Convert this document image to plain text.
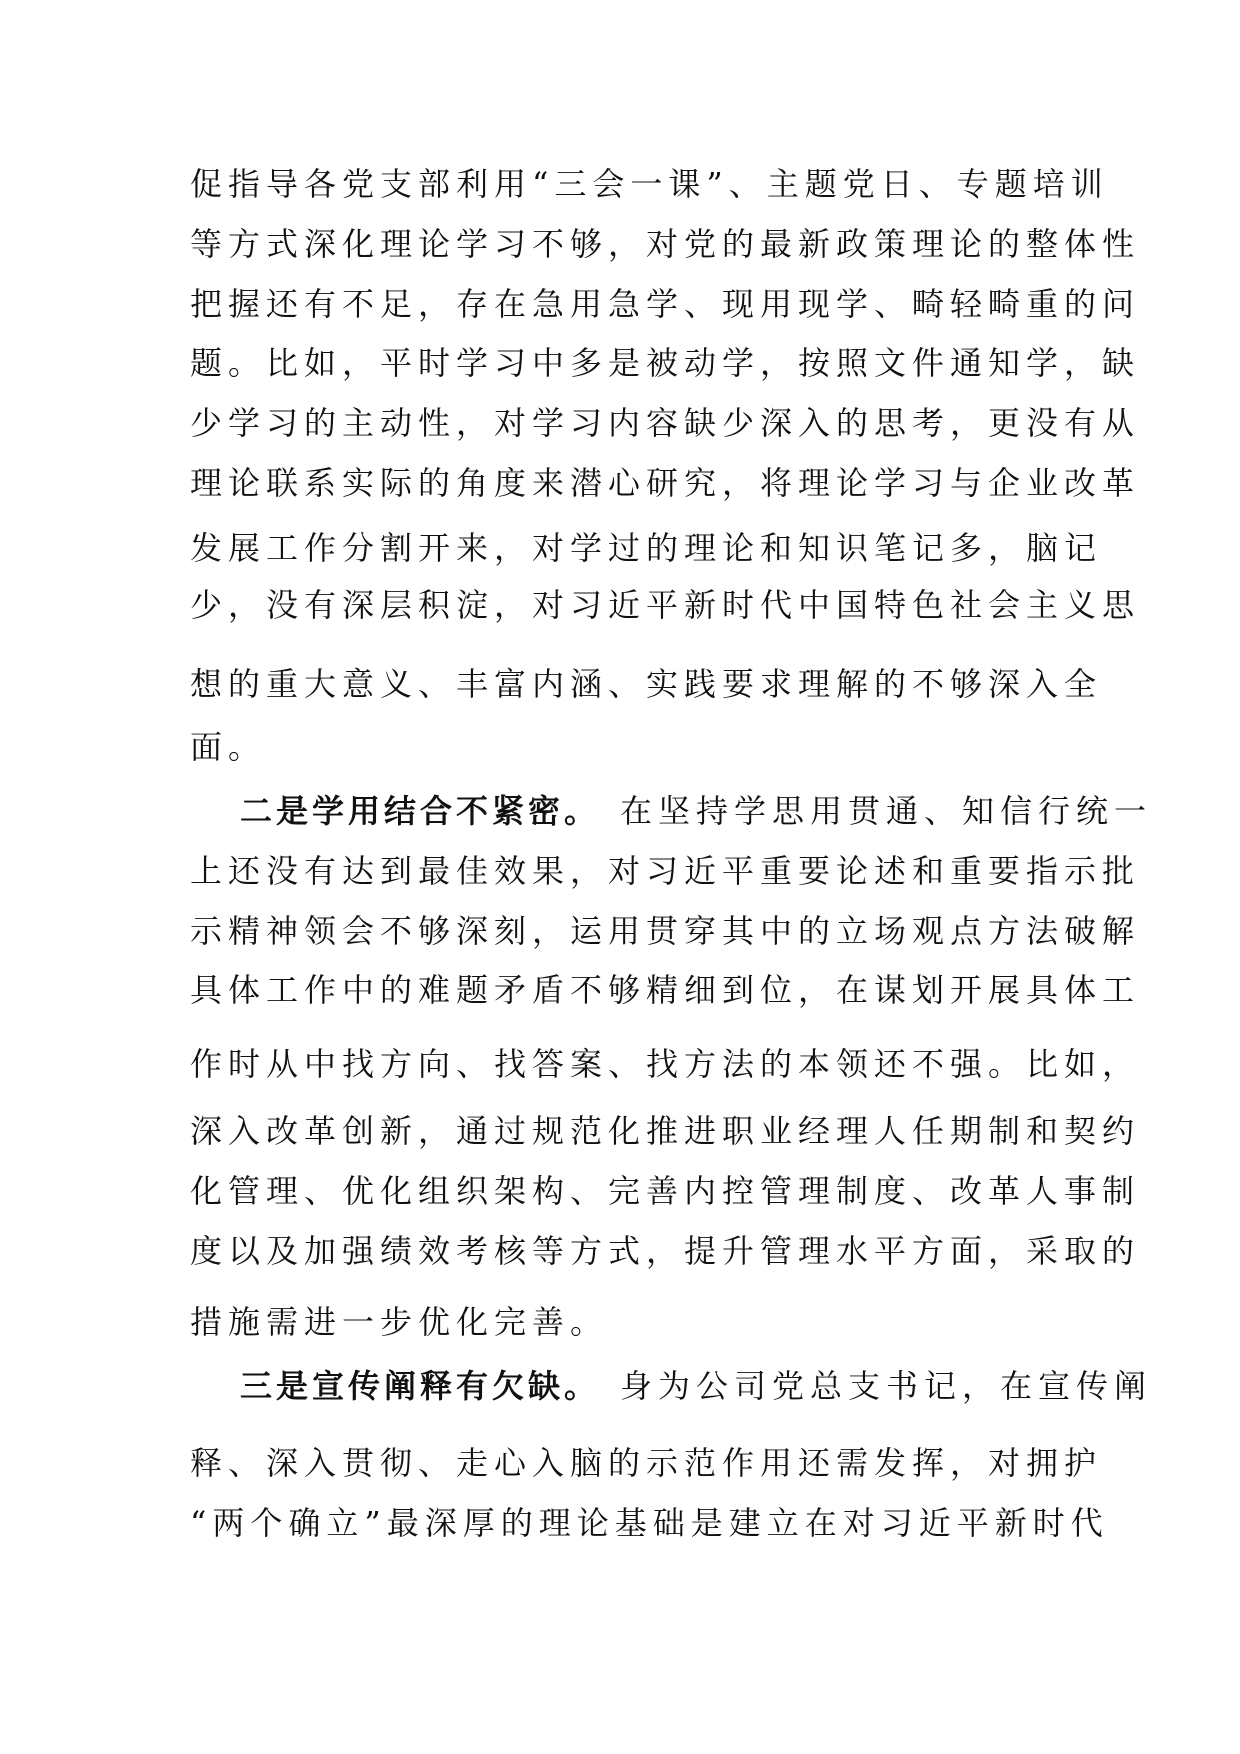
促指导各党支部利用“三会一课”、主题党日、专题培训
等方式深化理论学习不够，对党的最新政策理论的整体性
把握还有不足，存在急用急学、现用现学、畸轻畸重的问
题。比如，平时学习中多是被动学，按照文件通知学，缺
少学习的主动性，对学习内容缺少深入的思考，更没有从
理论联系实际的角度来潜心研究，将理论学习与企业改革
发展工作分割开来，对学过的理论和知识笔记多，脑记
少，没有深层积淀，对习近平新时代中国特色社会主义思
想的重大意义、丰富内涵、实践要求理解的不够深入全
面。
二是学用结合不紧密。 在坚持学思用贯通、知信行统一
上还没有达到最佳效果，对习近平重要论述和重要指示批
示精神领会不够深刻，运用贯穿其中的立场观点方法破解
具体工作中的难题矛盾不够精细到位，在谋划开展具体工
作时从中找方向、找答案、找方法的本领还不强。比如，
深入改革创新，通过规范化推进职业经理人任期制和契约
化管理、优化组织架构、完善内控管理制度、改革人事制
度以及加强绩效考核等方式，提升管理水平方面，采取的
措施需进一步优化完善。
三是宣传阐释有欠缺。 身为公司党总支书记，在宣传阐
释、深入贯彻、走心入脑的示范作用还需发挥，对拥护
“两个确立”最深厚的理论基础是建立在对习近平新时代
